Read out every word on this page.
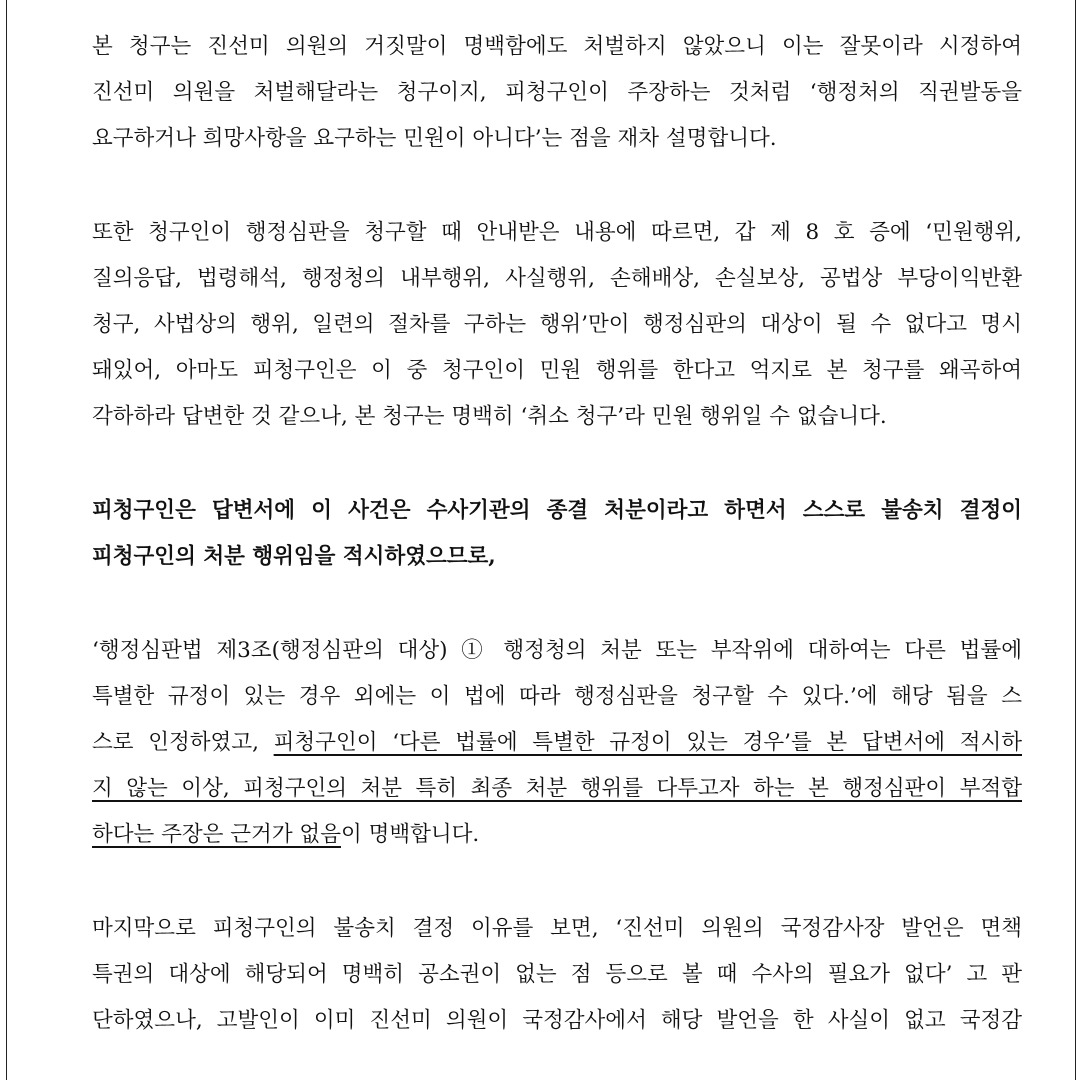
본 청구는 진선미 의원의 거짓말이 명백함에도 처벌하지 않았으니 이는 잘못이라 시정하여
진선미 의원을 처벌해달라는 청구이지, 피청구인이 주장하는 것처럼 ‘행정처의 직권발동을
요구하거나 희망사항을 요구하는 민원이 아니다’는 점을 재차 설명합니다.
또한 청구인이 행정심판을 청구할 때 안내받은 내용에 따르면, 갑 제 8 호 증에 ‘민원행위,
질의응답, 법령해석, 행정청의 내부행위, 사실행위, 손해배상, 손실보상, 공법상 부당이익반환
청구, 사법상의 행위, 일련의 절차를 구하는 행위’만이 행정심판의 대상이 될 수 없다고 명시
돼있어, 아마도 피청구인은 이 중 청구인이 민원 행위를 한다고 억지로 본 청구를 왜곡하여
각하하라 답변한 것 같으나, 본 청구는 명백히 ‘취소 청구’라 민원 행위일 수 없습니다.
피청구인은 답변서에 이 사건은 수사기관의 종결 처분이라고 하면서 스스로 불송치 결정이
피청구인의 처분 행위임을 적시하였으므로,
‘행정심판법 제3조(행정심판의 대상) ① 행정청의 처분 또는 부작위에 대하여는 다른 법률에
특별한 규정이 있는 경우 외에는 이 법에 따라 행정심판을 청구할 수 있다.’에 해당 됨을 스
스로 인정하였고, 피청구인이 ‘다른 법률에 특별한 규정이 있는 경우’를 본 답변서에 적시하
지 않는 이상, 피청구인의 처분 특히 최종 처분 행위를 다투고자 하는 본 행정심판이 부적합
하다는 주장은 근거가 없음이 명백합니다.
마지막으로 피청구인의 불송치 결정 이유를 보면, ‘진선미 의원의 국정감사장 발언은 면책
특권의 대상에 해당되어 명백히 공소권이 없는 점 등으로 볼 때 수사의 필요가 없다’ 고 판
단하였으나, 고발인이 이미 진선미 의원이 국정감사에서 해당 발언을 한 사실이 없고 국정감
